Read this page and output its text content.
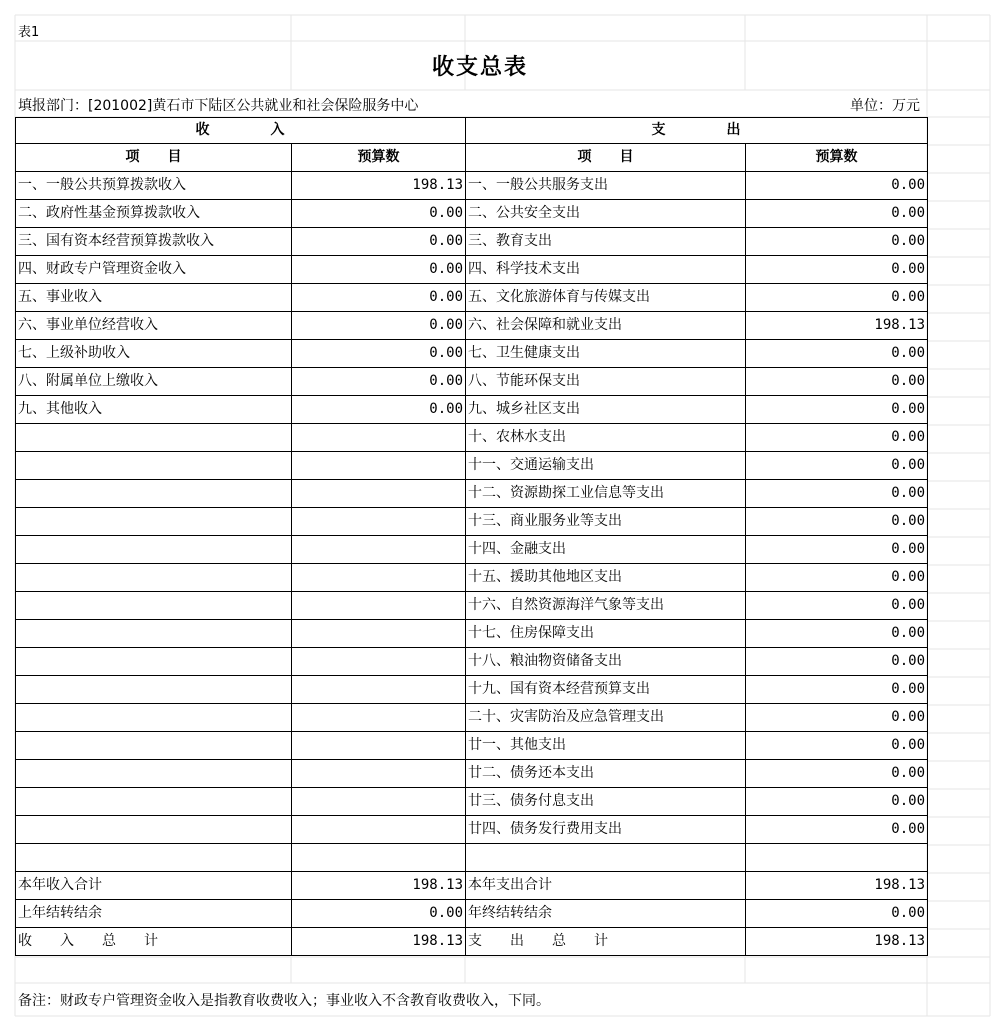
表1
收支总表
填报部门：[201002]黄石市下陆区公共就业和社会保险服务中心	单位：万元
收　　　　入		支　　　　出	
项　　目	预算数	项　　目	预算数
一、一般公共预算拨款收入	198.13	一、一般公共服务支出	0.00
二、政府性基金预算拨款收入	0.00	二、公共安全支出	0.00
三、国有资本经营预算拨款收入	0.00	三、教育支出	0.00
四、财政专户管理资金收入	0.00	四、科学技术支出	0.00
五、事业收入	0.00	五、文化旅游体育与传媒支出	0.00
六、事业单位经营收入	0.00	六、社会保障和就业支出	198.13
七、上级补助收入	0.00	七、卫生健康支出	0.00
八、附属单位上缴收入	0.00	八、节能环保支出	0.00
九、其他收入	0.00	九、城乡社区支出	0.00
		十、农林水支出	0.00
		十一、交通运输支出	0.00
		十二、资源勘探工业信息等支出	0.00
		十三、商业服务业等支出	0.00
		十四、金融支出	0.00
		十五、援助其他地区支出	0.00
		十六、自然资源海洋气象等支出	0.00
		十七、住房保障支出	0.00
		十八、粮油物资储备支出	0.00
		十九、国有资本经营预算支出	0.00
		二十、灾害防治及应急管理支出	0.00
		廿一、其他支出	0.00
		廿二、债务还本支出	0.00
		廿三、债务付息支出	0.00
		廿四、债务发行费用支出	0.00

本年收入合计	198.13	本年支出合计	198.13
上年结转结余	0.00	年终结转结余	0.00
收　　入　　总　　计	198.13	支　　出　　总　　计	198.13
备注：财政专户管理资金收入是指教育收费收入；事业收入不含教育收费收入，下同。
